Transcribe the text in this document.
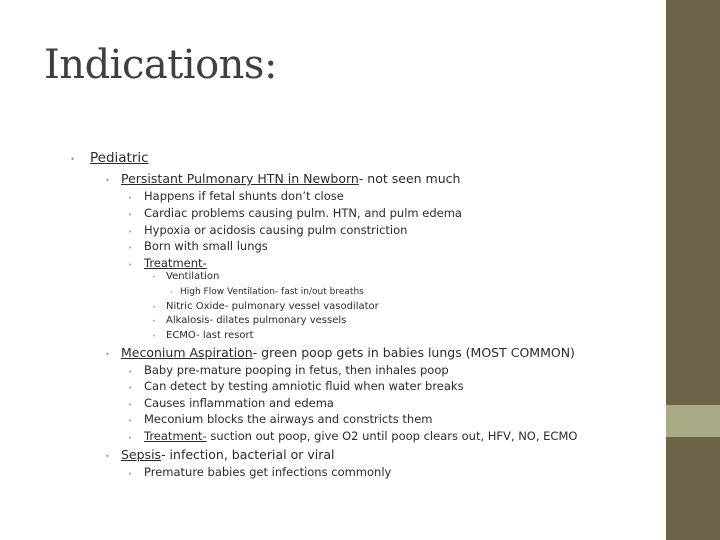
Indications:
•	Pediatric
• Persistant Pulmonary HTN in Newborn - not seen much
•	Happens if fetal shunts don’t close
•	Cardiac problems causing pulm. HTN, and pulm edema
•	Hypoxia or acidosis causing pulm constriction
•	Born with small lungs
•	Treatment-
•	Ventilation
• High Flow Ventilation- fast in/out breaths
•	Nitric Oxide- pulmonary vessel vasodilator
•	Alkalosis- dilates pulmonary vessels
•	ECMO- last resort
• Meconium Aspiration - green poop gets in babies lungs (MOST COMMON)
•	Baby pre-mature pooping in fetus, then inhales poop
•	Can detect by testing amniotic fluid when water breaks
•	Causes inflammation and edema
•	Meconium blocks the airways and constricts them
•	Treatment- suction out poop, give O2 until poop clears out, HFV, NO, ECMO
• Sepsis - infection, bacterial or viral
•	Premature babies get infections commonly
